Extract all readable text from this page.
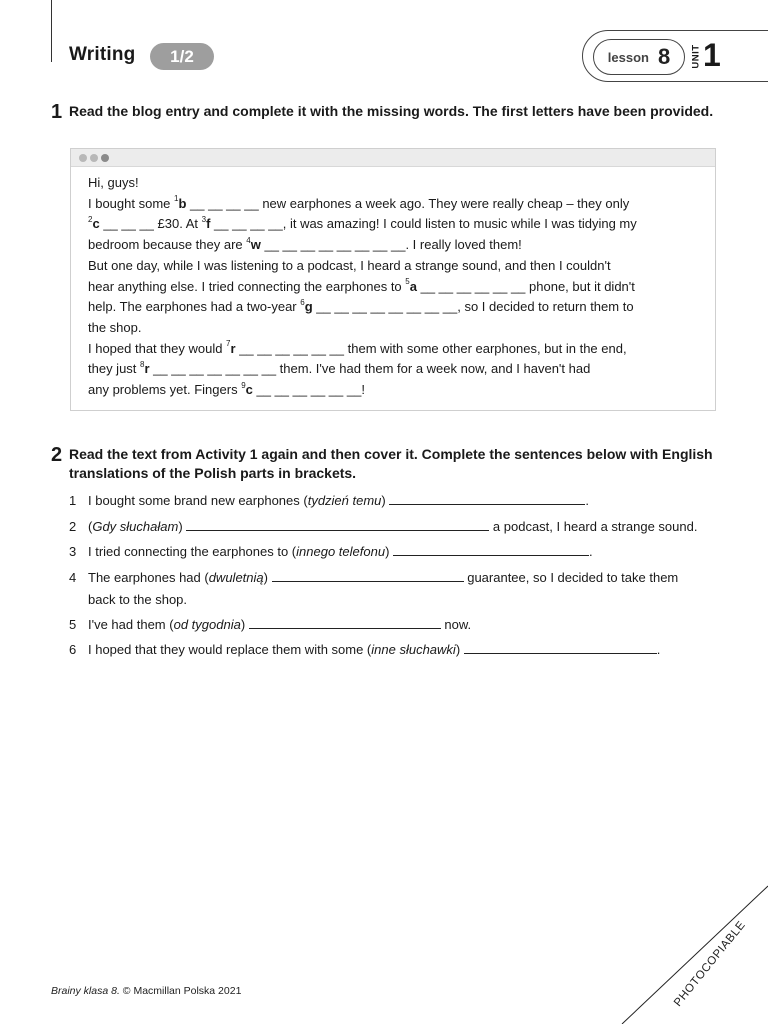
Writing	1/2	lesson 8 UNIT 1
1 Read the blog entry and complete it with the missing words. The first letters have been provided.
Hi, guys!
I bought some $^1$b __ __ __ __ new earphones a week ago. They were really cheap – they only
$^2$c __ __ __ £30. At $^3$f __ __ __ __, it was amazing! I could listen to music while I was tidying my
bedroom because they are $^4$w __ __ __ __ __ __ __ __. I really loved them!
But one day, while I was listening to a podcast, I heard a strange sound, and then I couldn't
hear anything else. I tried connecting the earphones to $^5$a __ __ __ __ __ __ phone, but it didn't
help. The earphones had a two-year $^6$g __ __ __ __ __ __ __ __, so I decided to return them to
the shop.
I hoped that they would $^7$r __ __ __ __ __ __ them with some other earphones, but in the end,
they just $^8$r __ __ __ __ __ __ __ them. I've had them for a week now, and I haven't had
any problems yet. Fingers $^9$c __ __ __ __ __ __!
2 Read the text from Activity 1 again and then cover it. Complete the sentences below with English translations of the Polish parts in brackets.
1 I bought some brand new earphones (tydzień temu)	.
2 (Gdy słuchałam)	a podcast, I heard a strange sound.
3 I tried connecting the earphones to (innego telefonu)	.
4 The earphones had (dwuletnią)	guarantee, so I decided to take them
back to the shop.
5 I've had them (od tygodnia)	now.
6 I hoped that they would replace them with some (inne słuchawki)	.
Brainy klasa 8. © Macmillan Polska 2021	PHOTOCOPIABLE
